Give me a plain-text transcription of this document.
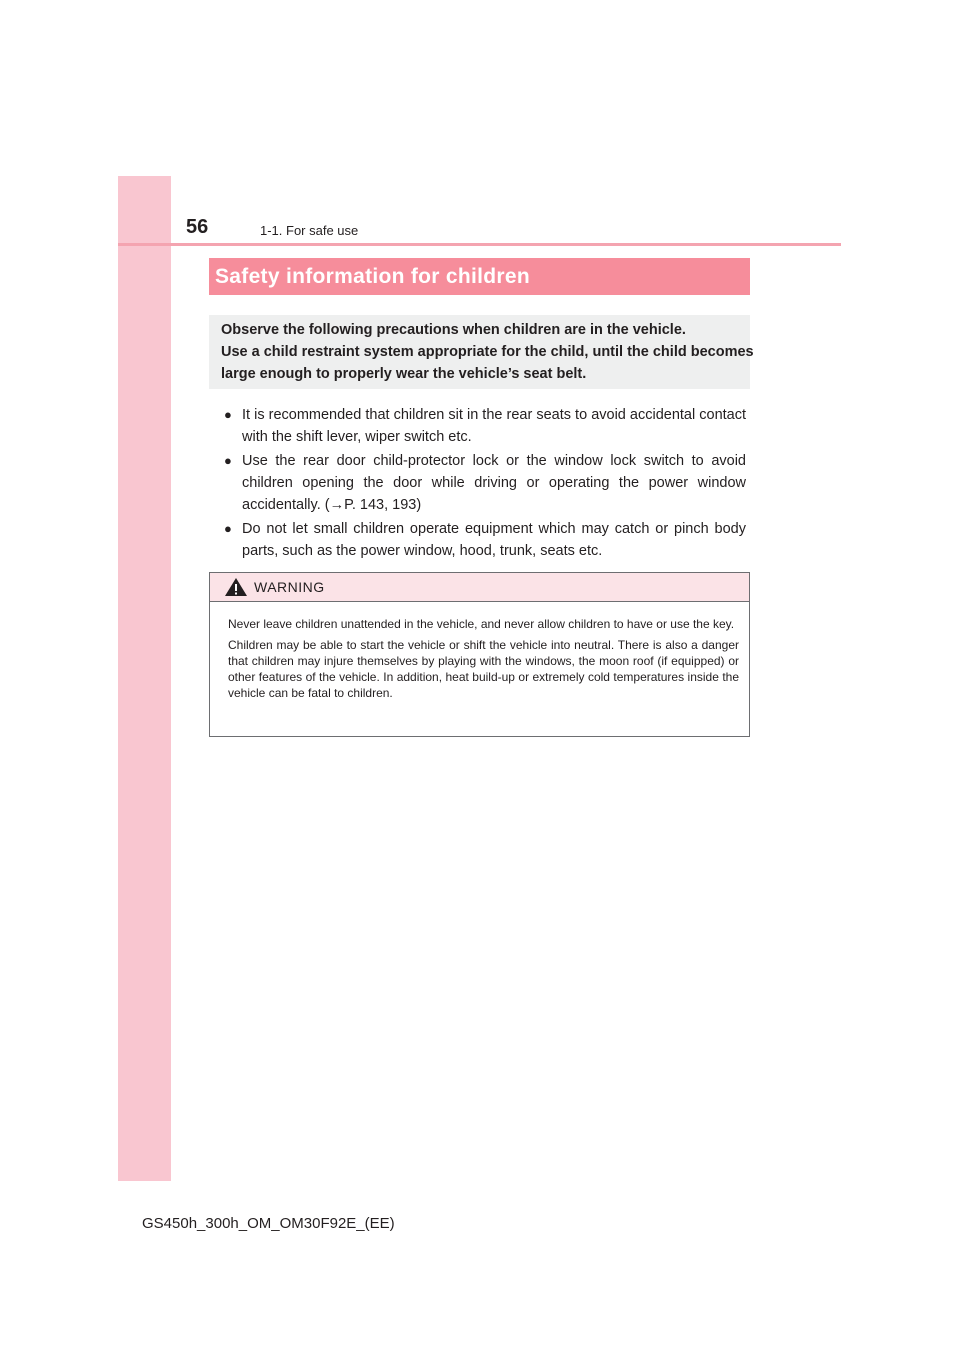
56	1-1. For safe use
Safety information for children
Observe the following precautions when children are in the vehicle.
Use a child restraint system appropriate for the child, until the child becomes
large enough to properly wear the vehicle’s seat belt.
● It is recommended that children sit in the rear seats to avoid accidental contact with the shift lever, wiper switch etc.
● Use the rear door child-protector lock or the window lock switch to avoid children opening the door while driving or operating the power window accidentally. (→P. 143, 193)
● Do not let small children operate equipment which may catch or pinch body parts, such as the power window, hood, trunk, seats etc.
WARNING

Never leave children unattended in the vehicle, and never allow children to have or use the key.

Children may be able to start the vehicle or shift the vehicle into neutral. There is also a danger that children may injure themselves by playing with the windows, the moon roof (if equipped) or other features of the vehicle. In addition, heat build-up or extremely cold temperatures inside the vehicle can be fatal to children.

GS450h_300h_OM_OM30F92E_(EE)
